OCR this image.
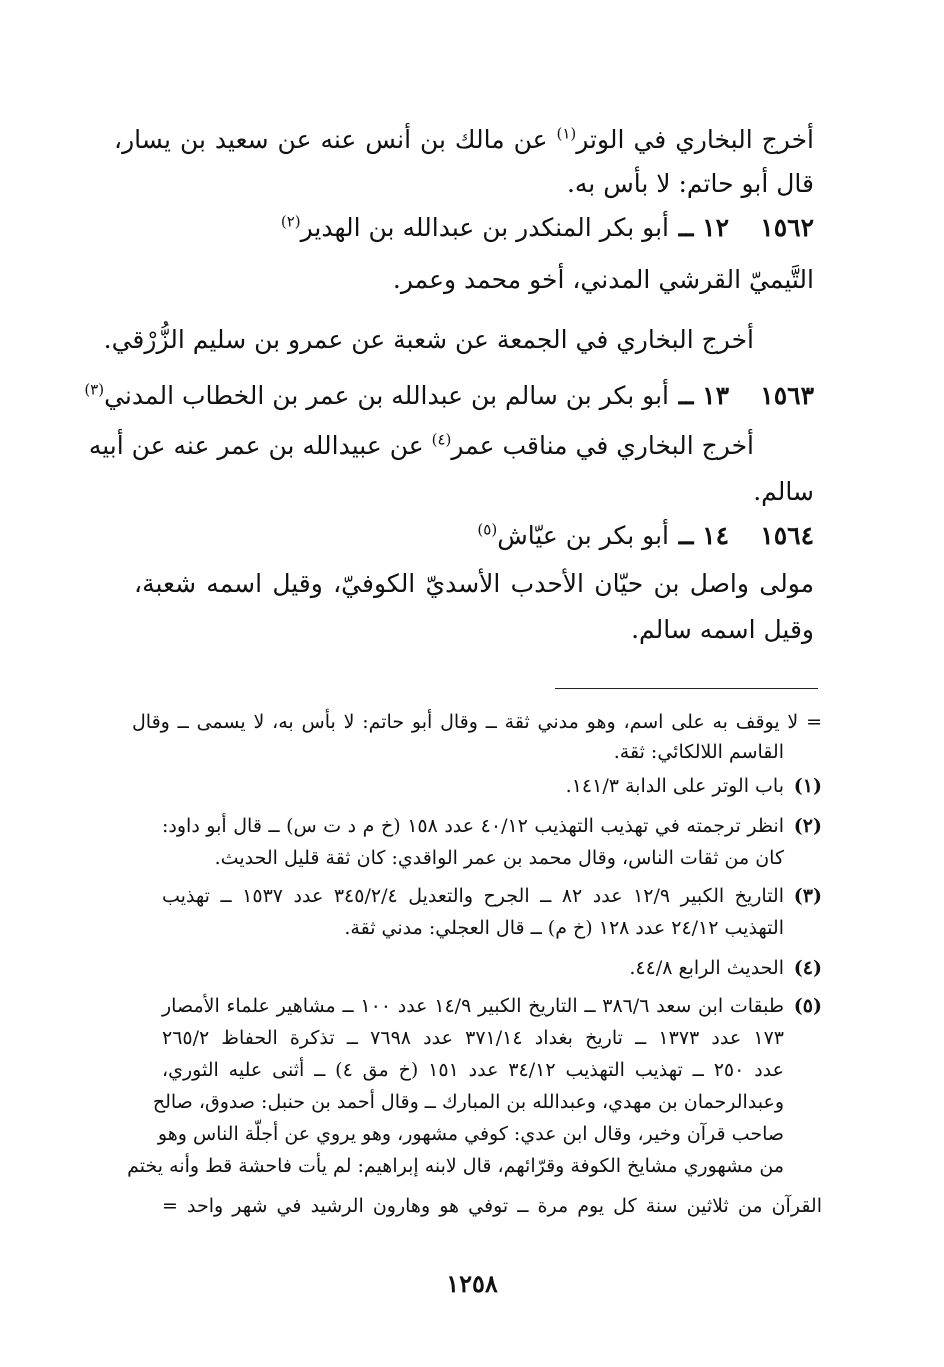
أخرج البخاري في الوتر$^{(١)}$ عن مالك بن أنس عنه عن سعيد بن يسار،
قال أبو حاتم: لا بأس به.
١٥٦٢
١٢ ــ
أبو بكر المنكدر بن عبدالله بن الهدير$^{(٢)}$
التَّيميّ القرشي المدني، أخو محمد وعمر.
أخرج البخاري في الجمعة عن شعبة عن عمرو بن سليم الزُّرْقي.
١٥٦٣
١٣ ــ
أبو بكر بن سالم بن عبدالله بن عمر بن الخطاب المدني$^{(٣)}$
أخرج البخاري في مناقب عمر$^{(٤)}$ عن عبيدالله بن عمر عنه عن أبيه
سالم.
١٥٦٤
١٤ ــ
أبو بكر بن عيّاش$^{(٥)}$
مولى واصل بن حيّان الأحدب الأسديّ الكوفيّ، وقيل اسمه شعبة،
وقيل اسمه سالم.
= لا يوقف به على اسم، وهو مدني ثقة ــ وقال أبو حاتم: لا بأس به، لا يسمى ــ وقال
القاسم اللالكائي: ثقة.
(١)
باب الوتر على الدابة ١٤١/٣.
(٢)
انظر ترجمته في تهذيب التهذيب ٤٠/١٢ عدد ١٥٨ (خ م د ت س) ــ قال أبو داود:
كان من ثقات الناس، وقال محمد بن عمر الواقدي: كان ثقة قليل الحديث.
(٣)
التاريخ الكبير ١٢/٩ عدد ٨٢ ــ الجرح والتعديل ٣٤٥/٢/٤ عدد ١٥٣٧ ــ تهذيب
التهذيب ٢٤/١٢ عدد ١٢٨ (خ م) ــ قال العجلي: مدني ثقة.
(٤)
الحديث الرابع ٤٤/٨.
(٥)
طبقات ابن سعد ٣٨٦/٦ ــ التاريخ الكبير ١٤/٩ عدد ١٠٠ ــ مشاهير علماء الأمصار
١٧٣ عدد ١٣٧٣ ــ تاريخ بغداد ٣٧١/١٤ عدد ٧٦٩٨ ــ تذكرة الحفاظ ٢٦٥/٢
عدد ٢٥٠ ــ تهذيب التهذيب ٣٤/١٢ عدد ١٥١ (خ مق ٤) ــ أثنى عليه الثوري،
وعبدالرحمان بن مهدي، وعبدالله بن المبارك ــ وقال أحمد بن حنبل: صدوق، صالح
صاحب قرآن وخير، وقال ابن عدي: كوفي مشهور، وهو يروي عن أجلّة الناس وهو
من مشهوري مشايخ الكوفة وقرّائهم، قال لابنه إبراهيم: لم يأت فاحشة قط وأنه يختم
القرآن من ثلاثين سنة كل يوم مرة ــ توفي هو وهارون الرشيد في شهر واحد =
١٢٥٨
